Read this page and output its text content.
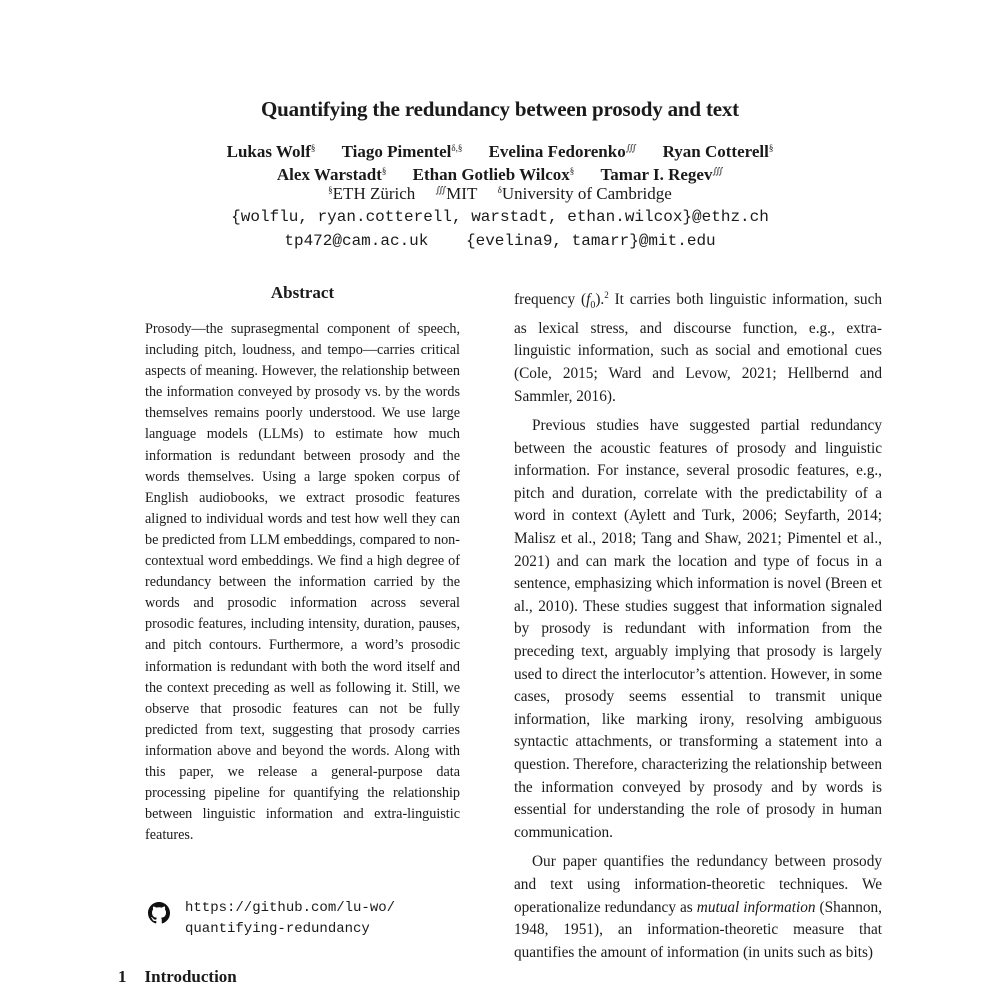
Quantifying the redundancy between prosody and text
Lukas Wolf§ Tiago Pimentel$^{\delta,\S}$ Evelina Fedorenko∭ Ryan Cotterell§
Alex Warstadt§ Ethan Gotlieb Wilcox§ Tamar I. Regev∭
§ETH Zürich ∭MIT $^\delta$University of Cambridge
{wolflu, ryan.cotterell, warstadt, ethan.wilcox}@ethz.ch
tp472@cam.ac.uk {evelina9, tamarr}@mit.edu
Abstract

Prosody—the suprasegmental component of speech, including pitch, loudness, and tempo—carries critical aspects of meaning. However, the relationship between the information conveyed by prosody vs. by the words themselves remains poorly understood. We use large language models (LLMs) to estimate how much information is redundant between prosody and the words themselves. Using a large spoken corpus of English audiobooks, we extract prosodic features aligned to individual words and test how well they can be predicted from LLM embeddings, compared to non-contextual word embeddings. We find a high degree of redundancy between the information carried by the words and prosodic information across several prosodic features, including intensity, duration, pauses, and pitch contours. Furthermore, a word’s prosodic information is redundant with both the word itself and the context preceding as well as following it. Still, we observe that prosodic features can not be fully predicted from text, suggesting that prosody carries information above and beyond the words. Along with this paper, we release a general-purpose data processing pipeline for quantifying the relationship between linguistic information and extra-linguistic features.

https://github.com/lu-wo/
quantifying-redundancy
1 Introduction

frequency $(f_0).^2$ It carries both linguistic information, such as lexical stress, and discourse function, e.g., extra-linguistic information, such as social and emotional cues (Cole, 2015; Ward and Levow, 2021; Hellbernd and Sammler, 2016).

Previous studies have suggested partial redundancy between the acoustic features of prosody and linguistic information. For instance, several prosodic features, e.g., pitch and duration, correlate with the predictability of a word in context (Aylett and Turk, 2006; Seyfarth, 2014; Malisz et al., 2018; Tang and Shaw, 2021; Pimentel et al., 2021) and can mark the location and type of focus in a sentence, emphasizing which information is novel (Breen et al., 2010). These studies suggest that information signaled by prosody is redundant with information from the preceding text, arguably implying that prosody is largely used to direct the interlocutor’s attention. However, in some cases, prosody seems essential to transmit unique information, like marking irony, resolving ambiguous syntactic attachments, or transforming a statement into a question. Therefore, characterizing the relationship between the information conveyed by prosody and by words is essential for understanding the role of prosody in human communication.

Our paper quantifies the redundancy between prosody and text using information-theoretic techniques. We operationalize redundancy as mutual information (Shannon, 1948, 1951), an information-theoretic measure that quantifies the amount of information (in units such as bits)
